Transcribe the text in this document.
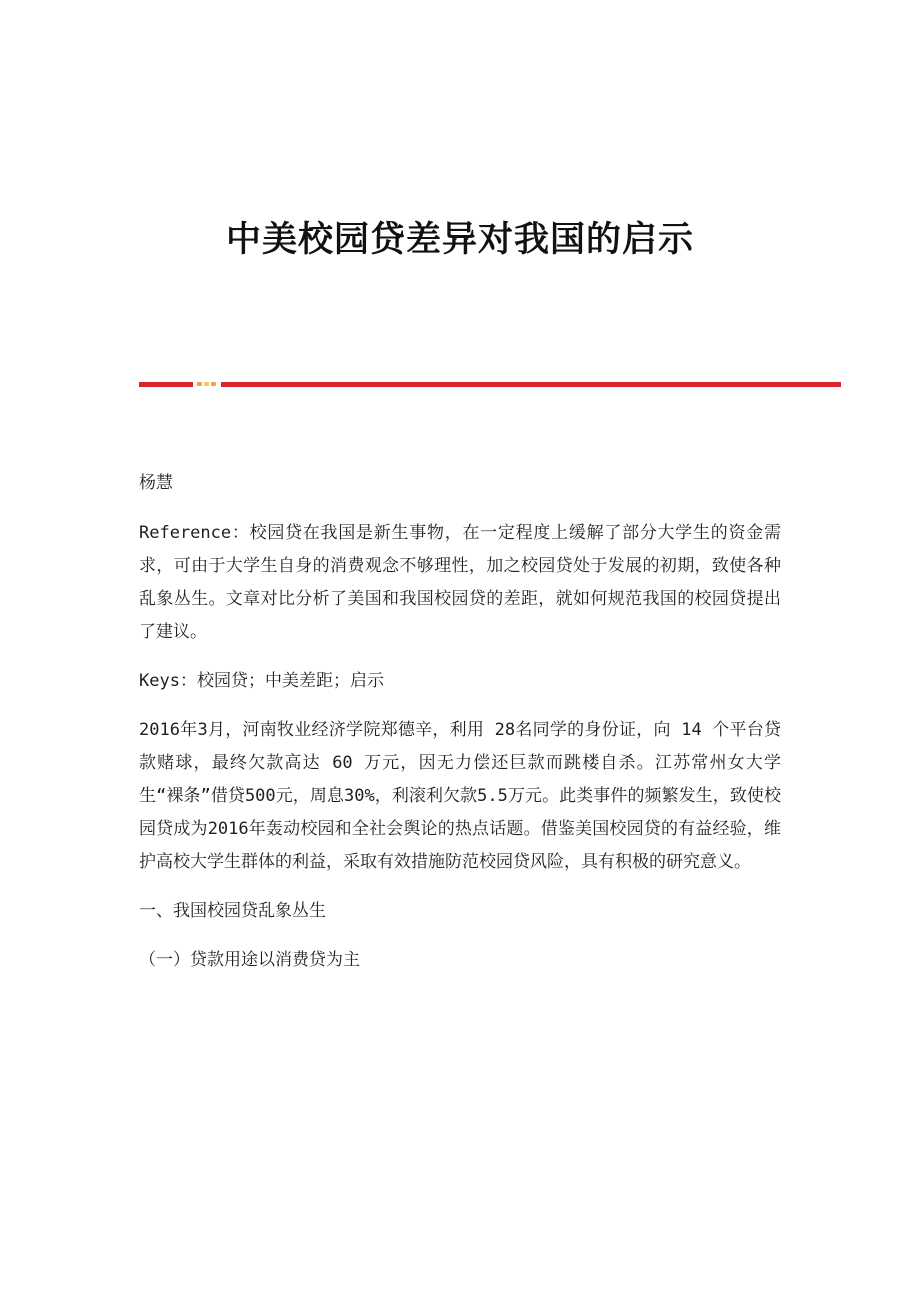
中美校园贷差异对我国的启示

杨慧

Reference：校园贷在我国是新生事物，在一定程度上缓解了部分大学生的资金需求，可由于大学生自身的消费观念不够理性，加之校园贷处于发展的初期，致使各种乱象丛生。文章对比分析了美国和我国校园贷的差距，就如何规范我国的校园贷提出了建议。

Keys：校园贷；中美差距；启示

2016年3月，河南牧业经济学院郑德辛，利用 28名同学的身份证，向 14 个平台贷款赌球，最终欠款高达 60 万元，因无力偿还巨款而跳楼自杀。江苏常州女大学生“裸条”借贷500元，周息30%，利滚利欠款5.5万元。此类事件的频繁发生，致使校园贷成为2016年轰动校园和全社会舆论的热点话题。借鉴美国校园贷的有益经验，维护高校大学生群体的利益，采取有效措施防范校园贷风险，具有积极的研究意义。

一、我国校园贷乱象丛生

（一）贷款用途以消费贷为主
